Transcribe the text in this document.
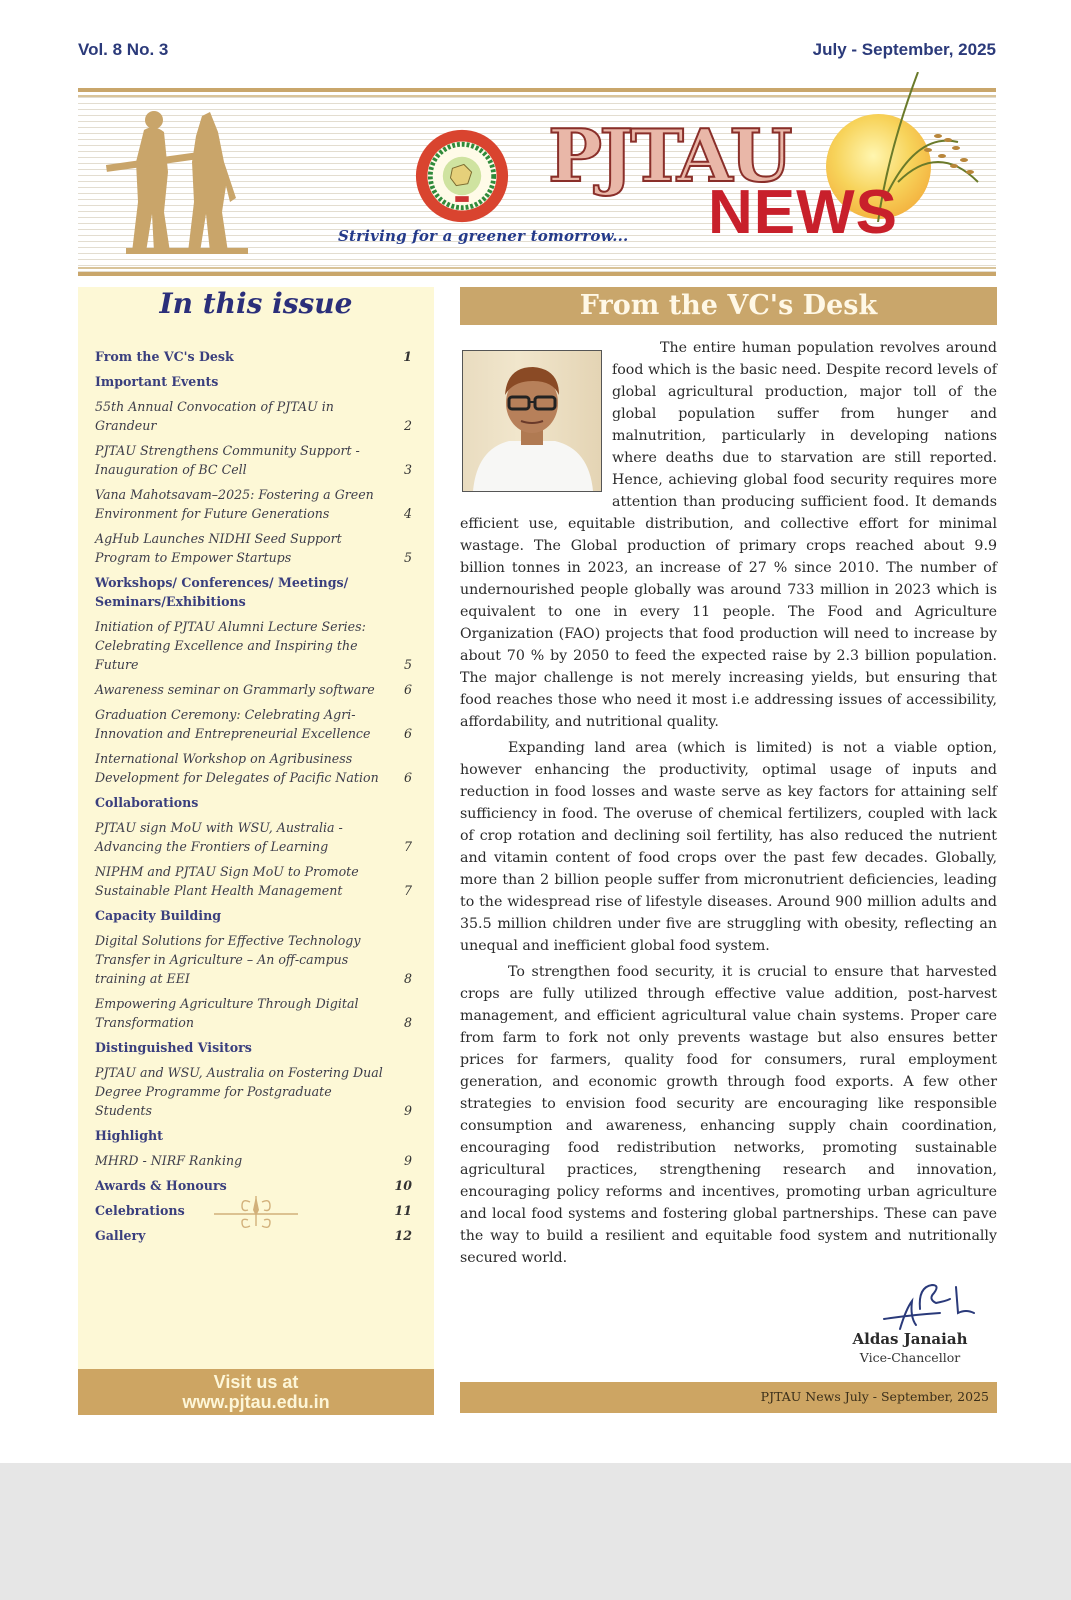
Vol. 8 No. 3	July - September, 2025
Striving for a greener tomorrow...
PJTAU
NEWS
In this issue
From the VC's Desk	1
Important Events
55th Annual Convocation of PJTAU in Grandeur	2
PJTAU Strengthens Community Support - Inauguration of BC Cell	3
Vana Mahotsavam–2025: Fostering a Green Environment for Future Generations	4
AgHub Launches NIDHI Seed Support Program to Empower Startups	5
Workshops/ Conferences/ Meetings/ Seminars/Exhibitions
Initiation of PJTAU Alumni Lecture Series: Celebrating Excellence and Inspiring the Future	5
Awareness seminar on Grammarly software	6
Graduation Ceremony: Celebrating Agri-Innovation and Entrepreneurial Excellence	6
International Workshop on Agribusiness Development for Delegates of Pacific Nation	6
Collaborations
PJTAU sign MoU with WSU, Australia - Advancing the Frontiers of Learning	7
NIPHM and PJTAU Sign MoU to Promote Sustainable Plant Health Management	7
Capacity Building
Digital Solutions for Effective Technology Transfer in Agriculture – An off-campus training at EEI	8
Empowering Agriculture Through Digital Transformation	8
Distinguished Visitors
PJTAU and WSU, Australia on Fostering Dual Degree Programme for Postgraduate Students	9
Highlight
MHRD - NIRF Ranking	9
Awards & Honours	10
Celebrations	11
Gallery	12
Visit us at
www.pjtau.edu.in
From the VC's Desk

The entire human population revolves around food which is the basic need. Despite record levels of global agricultural production, major toll of the global population suffer from hunger and malnutrition, particularly in developing nations where deaths due to starvation are still reported. Hence, achieving global food security requires more attention than producing sufficient food. It demands efficient use, equitable distribution, and collective effort for minimal wastage. The Global production of primary crops reached about 9.9 billion tonnes in 2023, an increase of 27 % since 2010. The number of undernourished people globally was around 733 million in 2023 which is equivalent to one in every 11 people. The Food and Agriculture Organization (FAO) projects that food production will need to increase by about 70 % by 2050 to feed the expected raise by 2.3 billion population. The major challenge is not merely increasing yields, but ensuring that food reaches those who need it most i.e addressing issues of accessibility, affordability, and nutritional quality.

Expanding land area (which is limited) is not a viable option, however enhancing the productivity, optimal usage of inputs and reduction in food losses and waste serve as key factors for attaining self sufficiency in food. The overuse of chemical fertilizers, coupled with lack of crop rotation and declining soil fertility, has also reduced the nutrient and vitamin content of food crops over the past few decades. Globally, more than 2 billion people suffer from micronutrient deficiencies, leading to the widespread rise of lifestyle diseases. Around 900 million adults and 35.5 million children under five are struggling with obesity, reflecting an unequal and inefficient global food system.

To strengthen food security, it is crucial to ensure that harvested crops are fully utilized through effective value addition, post-harvest management, and efficient agricultural value chain systems. Proper care from farm to fork not only prevents wastage but also ensures better prices for farmers, quality food for consumers, rural employment generation, and economic growth through food exports. A few other strategies to envision food security are encouraging like responsible consumption and awareness, enhancing supply chain coordination, encouraging food redistribution networks, promoting sustainable agricultural practices, strengthening research and innovation, encouraging policy reforms and incentives, promoting urban agriculture and local food systems and fostering global partnerships. These can pave the way to build a resilient and equitable food system and nutritionally secured world.

Aldas Janaiah
Vice-Chancellor
PJTAU News July - September, 2025
